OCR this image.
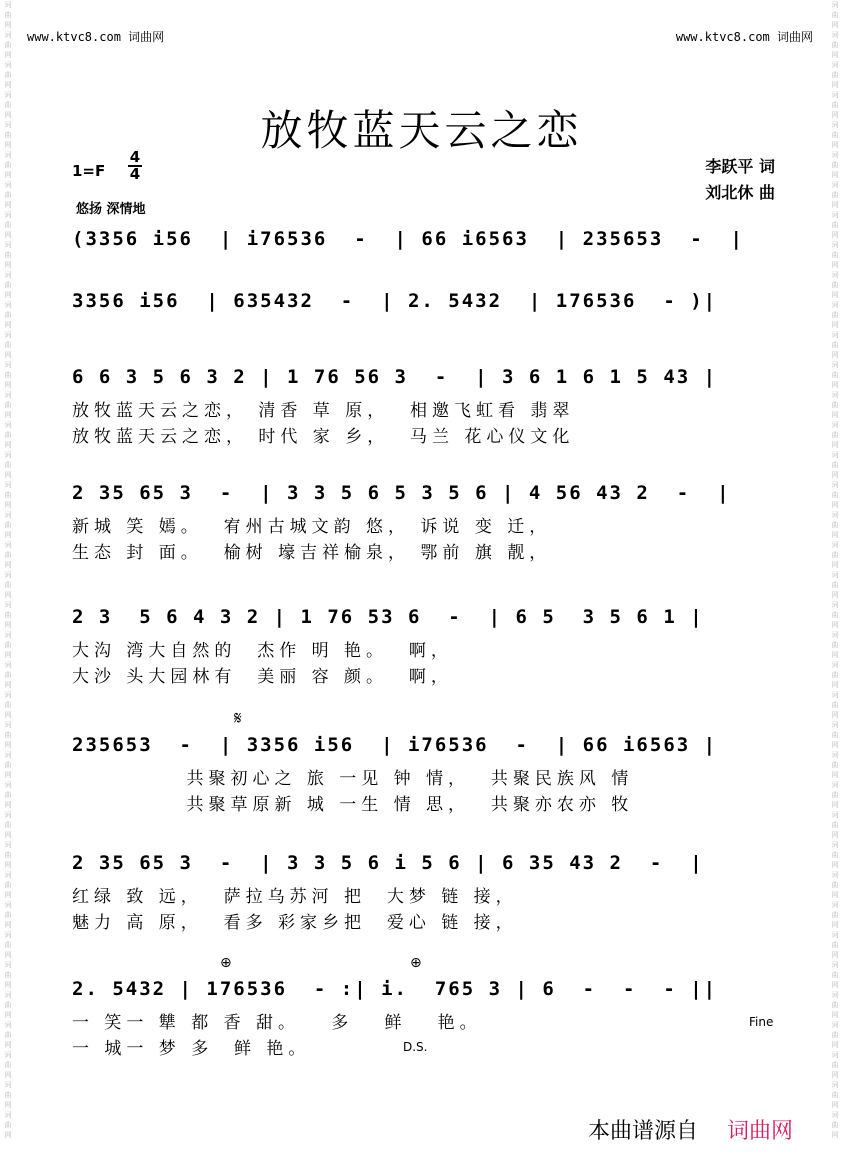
词
曲
网
词
曲
网
词
曲
网
词
曲
网
词
曲
网
词
曲
网
词
曲
网
词
曲
网
词
曲
网
词
曲
网
词
曲
网
词
曲
网
词
曲
网
词
曲
网
词
曲
网
词
曲
网
词
曲
网
词
曲
网
词
曲
网
词
曲
网
词
曲
网
词
曲
网
词
曲
网
词
曲
网
词
曲
网
词
曲
网
词
曲
网
词
曲
网
词
曲
网
词
曲
网
词
曲
网
词
曲
网
词
曲
网
词
曲
网
词
曲
网
词
曲
网
词
曲
网
词
曲
网
词
曲
网
词
曲
网
词
曲
网
词
曲
网
词
曲
网
词
曲
网
词
曲
网
词
曲
网
词
曲
网
词
曲
网
词
曲
网
词
曲
网
词
曲
网
词
曲
网
词
曲
网
词
曲
网
词
曲
网
词
曲
网
词
曲
网
词
曲
网
词
曲
网
词
曲
网
词
曲
网
词
曲
网
词
曲
网
词
曲
网
词
曲
网
词
曲
网
词
曲
网
词
曲
网
词
曲
网
词
曲
网
词
曲
网
词
曲
网
词
曲
网
词
曲
网
词
曲
网
词
曲
网
www.ktvc8.com 词曲网	www.ktvc8.com 词曲网
放牧蓝天云之恋
1=F
4

4
悠扬 深情地
李跃平 词
刘北休 曲
(3356 i56  | i76536  -  | 66 i6563  | 235653  -  |
3356 i56  | 635432  -  | 2. 5432  | 176536  - )|
6 6 3 5 6 3 2 | 1 76 56 3  -  | 3 6 1 6 1 5 43 |
放牧蓝天云之恋， 清香 草 原，  相邀飞虹看 翡翠
放牧蓝天云之恋， 时代 家 乡，  马兰 花心仪文化
2 35 65 3  -  | 3 3 5 6 5 3 5 6 | 4 56 43 2  -  |
新城 笑 嫣。  宥州古城文韵 悠， 诉说 变 迁，
生态 封 面。  榆树 壕吉祥榆泉， 鄂前 旗 靓，
2 3  5 6 4 3 2 | 1 76 53 6  -  | 6 5  3 5 6 1 |
大沟 湾大自然的  杰作 明 艳。  啊，
大沙 头大园林有  美丽 容 颜。  啊，
235653  -  | 3356 i56  | i76536  -  | 66 i6563 |
共聚初心之 旅 一见 钟 情，  共聚民族风 情
共聚草原新 城 一生 情 思，  共聚亦农亦 牧
2 35 65 3  -  | 3 3 5 6 i 5 6 | 6 35 43 2  -  |
红绿 致 远，  萨拉乌苏河 把  大梦 链 接，
魅力 高 原，  看多 彩家乡把  爱心 链 接，
2. 5432 | 176536  - :| i.  765 3 | 6  -  -  - ||
一 笑一 犨 都 香 甜。   多   鲜   艳。
一 城一 梦 多  鲜 艳。
𝄋
⊕	⊕
D.S.
Fine
本曲谱源自 词曲网
